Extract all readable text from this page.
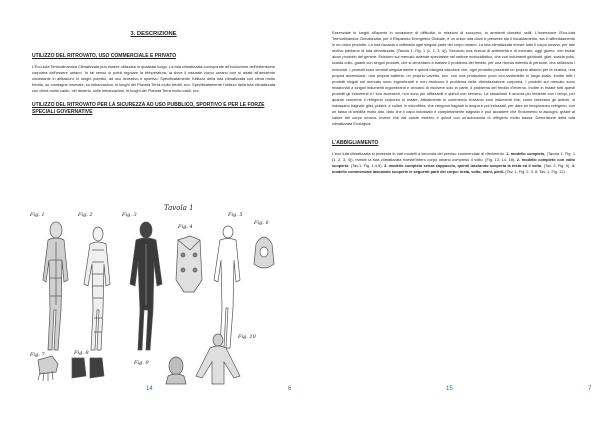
3. DESCRIZIONE
UTILIZZO DEL RITROVATO, USO COMMERCIALE E PRIVATO
L'Eco-tuta Termodinamica Climatizzata può essere utilizzata in qualsiasi luogo. La tuta climatizzata corrisponde all'evoluzione dell'estensione corporea dell'essere umano. In tal senso si potrà regolare la temperatura, la dove il naturale corpo umano non si adatti all'ambiente circostante in abitazioni, in luoghi pubblici, ad uso ricreativo e sportivo. Specificatamente l'utilizzo della tuta climatizzata con clima molto freddo, su montagne innevate, su imbarcazioni, in luoghi del Pianeta Terra molto freddi, ecc. Specificatamente l'utilizzo della tuta climatizzata con clima molto caldo, nel deserto, sulle imbarcazioni, in luoghi del Pianeta Terra molto caldi, ecc.
UTILIZZO DEL RITROVATO PER LA SICUREZZA AD USO PUBBLICO, SPORTIVO E PER LE FORZE SPECIALI GOVERNATIVE
Tavola 1
Fig. 1	Fig. 2	Fig. 3
Fig. 4
Fig. 5
Fig. 6
Fig. 7	Fig. 8
Fig. 9
Fig. 10
14	6
Essenziale in luoghi all'aperto in occasione di difficoltà, in missioni di soccorso, in ambienti climatici ostili. L'invenzione l'Eco-tuta Termodinamica Climatizzata, per il Risparmio Energetico Globale, è un unico tuta dove è presente sia il riscaldamento, sia il raffreddamento in un unico prodotto. La tuta riscalda o raffredda ogni singola parte del corpo umano. La tuta climatizzata riveste tutto il corpo umano, per tale motivo parliamo di tuta climatizzata. (Tavola 1, Fig. 1 (1, 2, 3, 4)). Secondo una ricerca di anteriorità e di mercato, oggi giorno, non esiste alcun prodotto del genere. Esistono sul mercato aziende specialiste nel settore motociclistico, che con indumenti giubbotti, gilet, scalda polsi, scalda collo, guanti con singoli prodotti, che si cimentano a trattare il problema del freddo, per una ricchia ristretta di persone, che utilizzano i motocicli. I prodotti sono venduti singolarmente e quindi bisogna calcolare che, ogni prodotto possiede un proprio attacco per la ricarica, una propria accensione, una propria batteria, un proprio cavetto, ecc. con una produzione poco eco-sostenibile in larga scala. Inoltre tutti i prodotti singoli sul mercato sono ingombranti e non risolvono il problema della climatizzazione corporea. I prodotti sul mercato sono relazionati a singoli indumenti ingombranti e cercano di risolvere solo in parte, il problema del freddo d'inverno. Inoltre in estate tutti questi prodotti gli indumenti e i loro accessori, non sono più utilizzabili e quindi non servono. La situazione è ancora più irridente con i tempi, per quanto concerne il refrigerio corporeo in estate. Attualmente in commercio troviamo solo indumenti che, come facevano gli antichi, si indossano bagnati: gilet, polsini, e collari, in microfibra, che vengono bagnati in acqua e poi indossati, per dare un temporaneo refrigerio, con un tasso di umidità molto alto, dato che il capo indossato è completamente bagnato e può accadere che l'indumento si asciughi, grazie al calore del corpo umano, invece che dal calore esterno e quindi con un'autonomia di refrigerio molto bassa. Descrizione della tuta climatizzata Ecologica.
L'ABBIGLIAMENTO
L'eco tuta climatizzata si presenta in vari modelli a seconda del preciso commerciale di riferimento. 1. modello completo, (Tavola 1, Fig. 1 (1, 2, 3, 4)), riveste la tuta climatizzata rivestel'intero corpo umano compreso il volto. (Fig. 13, 14, 18). 2. modello completo con volto scoperto. (Tav.1, Fig. 1,4,5). 3. modello completo senza cappuccio, quindi lasciando scoperta la testa ed il volto. (Tav. 2, Fig. 9). 4. modello commerciale lasciando scoperte le seguenti parti del corpo: testa, volto, mani, piedi. (Tav. 1, Fig. 2, 3, 8; Tav. 1, Fig. 12).
15	7
